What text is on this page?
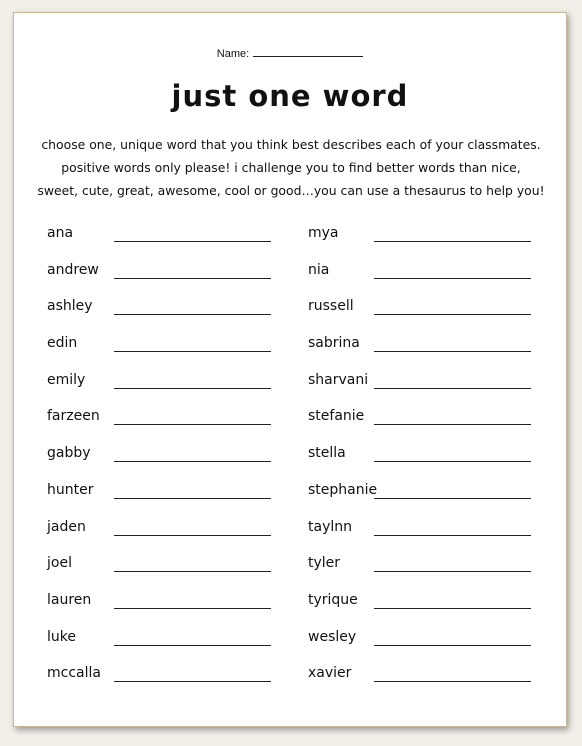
Name:
just one word
choose one, unique word that you think best describes each of your classmates.
positive words only please! i challenge you to find better words than nice,
sweet, cute, great, awesome, cool or good…you can use a thesaurus to help you!
ana
andrew
ashley
edin
emily
farzeen
gabby
hunter
jaden
joel
lauren
luke
mccalla
mya
nia
russell
sabrina
sharvani
stefanie
stella
stephanie
taylnn
tyler
tyrique
wesley
xavier
